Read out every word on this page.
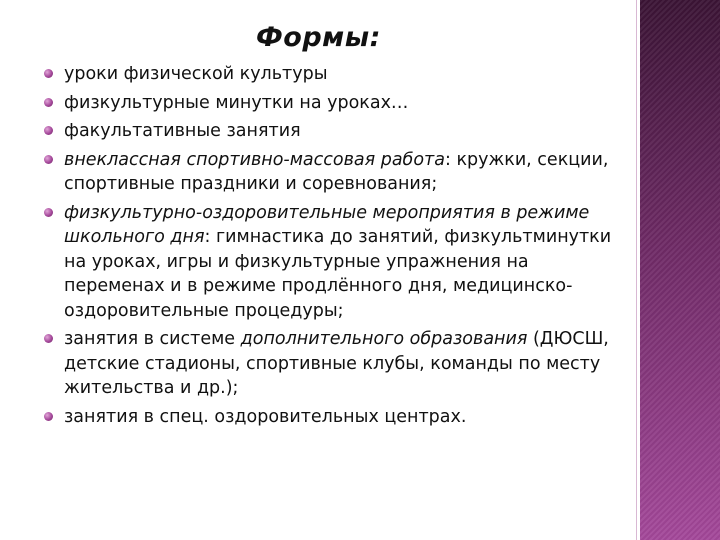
Формы:
уроки физической культуры
физкультурные минутки на уроках…
факультативные занятия
внеклассная спортивно-массовая работа: кружки, секции, спортивные праздники и соревнования;
физкультурно-оздоровительные мероприятия в режиме школьного дня: гимнастика до занятий, физкультминутки на уроках, игры и физкультурные упражнения на переменах и в режиме продлённого дня, медицинско-оздоровительные процедуры;
занятия в системе дополнительного образования (ДЮСШ, детские стадионы, спортивные клубы, команды по месту жительства и др.);
занятия в спец. оздоровительных центрах.
